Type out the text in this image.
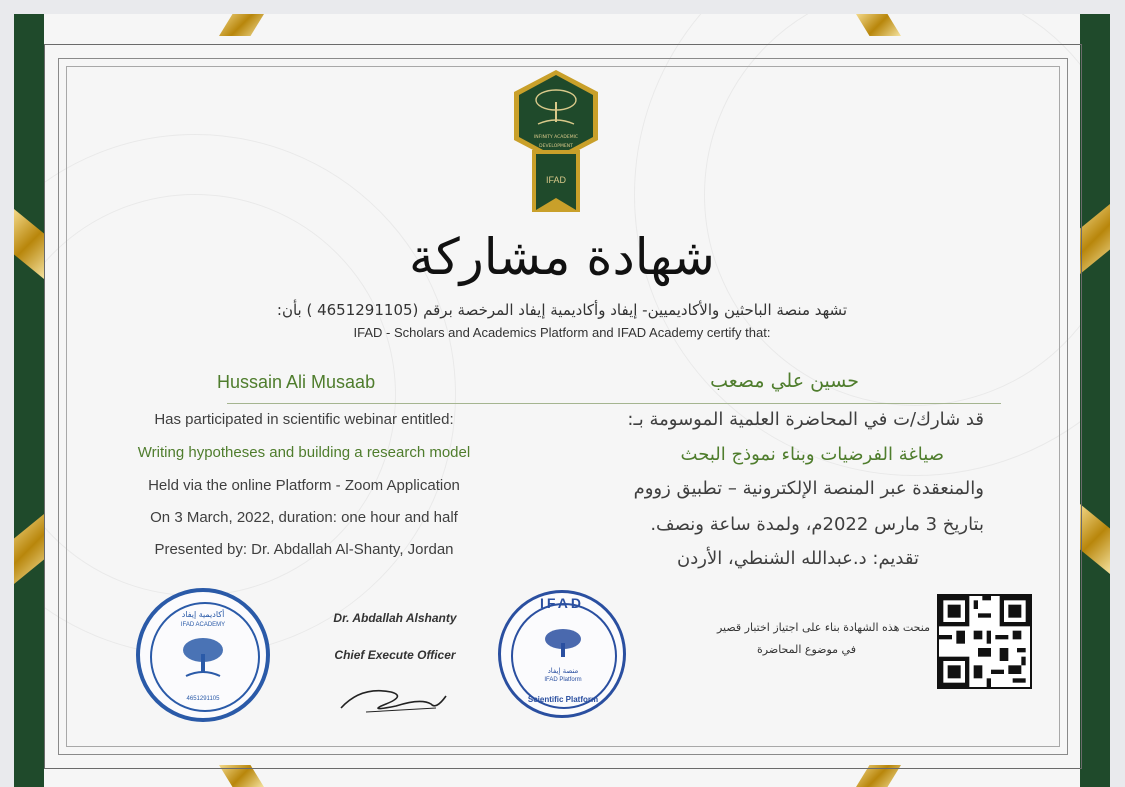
INFINITY ACADEMIC
DEVELOPMENT
IFAD
شهادة مشاركة
تشهد منصة الباحثين والأكاديميين- إيفاد وأكاديمية إيفاد المرخصة برقم (4651291105 ) بأن:
IFAD - Scholars and Academics Platform and IFAD Academy certify that:
Hussain Ali Musaab	حسين علي مصعب
Has participated in scientific webinar entitled:
Writing hypotheses and building a research model
Held via the online Platform - Zoom Application
On 3 March, 2022, duration: one hour and half
Presented by: Dr. Abdallah Al-Shanty, Jordan
قد شارك/ت في المحاضرة العلمية الموسومة بـ:
صياغة الفرضيات وبناء نموذج البحث
والمنعقدة عبر المنصة الإلكترونية – تطبيق زووم
بتاريخ 3 مارس 2022م، ولمدة ساعة ونصف.
تقديم: د.عبدالله الشنطي، الأردن
أكاديمية إيفاد
IFAD ACADEMY
4651291105
Dr. Abdallah Alshanty
Chief Execute Officer
IFAD
منصة إيفاد
IFAD Platform
Scientific Platform
منحت هذه الشهادة بناء على اجتياز اختبار قصير
في موضوع المحاضرة
